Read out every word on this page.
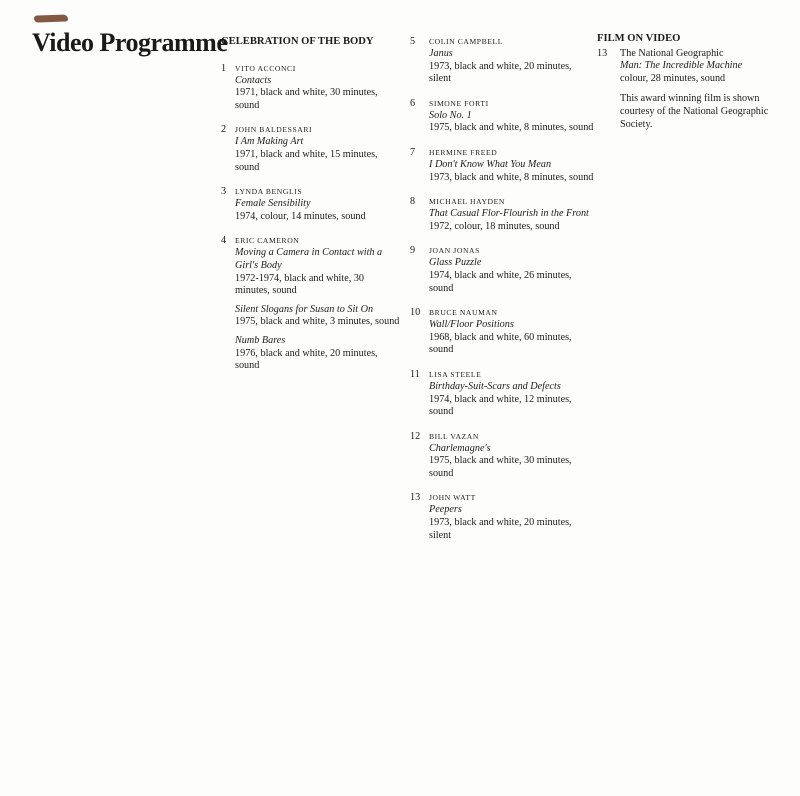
Video Programme
CELEBRATION OF THE BODY
1	VITO ACCONCI
Contacts
1971, black and white, 30 minutes, sound
2	JOHN BALDESSARI
I Am Making Art
1971, black and white, 15 minutes, sound
3	LYNDA BENGLIS
Female Sensibility
1974, colour, 14 minutes, sound
4	ERIC CAMERON
Moving a Camera in Contact with a Girl's Body
1972-1974, black and white, 30 minutes, sound
Silent Slogans for Susan to Sit On
1975, black and white, 3 minutes, sound
Numb Bares
1976, black and white, 20 minutes, sound
5	COLIN CAMPBELL
Janus
1973, black and white, 20 minutes, silent
6	SIMONE FORTI
Solo No. 1
1975, black and white, 8 minutes, sound
7	HERMINE FREED
I Don't Know What You Mean
1973, black and white, 8 minutes, sound
8	MICHAEL HAYDEN
That Casual Flor-Flourish in the Front
1972, colour, 18 minutes, sound
9	JOAN JONAS
Glass Puzzle
1974, black and white, 26 minutes, sound
10	BRUCE NAUMAN
Wall/Floor Positions
1968, black and white, 60 minutes, sound
11	LISA STEELE
Birthday-Suit-Scars and Defects
1974, black and white, 12 minutes, sound
12	BILL VAZAN
Charlemagne's
1975, black and white, 30 minutes, sound
13	JOHN WATT
Peepers
1973, black and white, 20 minutes, silent
FILM ON VIDEO
13	The National Geographic
Man: The Incredible Machine
colour, 28 minutes, sound
This award winning film is shown courtesy of the National Geographic Society.
